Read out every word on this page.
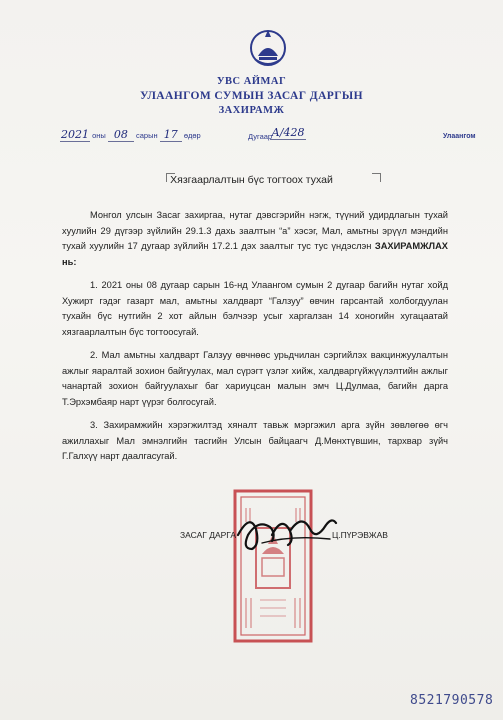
УВС АЙМАГ
УЛААНГОМ СУМЫН ЗАСАГ ДАРГЫН
ЗАХИРАМЖ
2021 оны 08 сарын 17 өдөр	Дугаар А/428	Улаангом
Хязгаарлалтын бүс тогтоох тухай
Монгол улсын Засаг захиргаа, нутаг дэвсгэрийн нэгж, түүний удирдлагын тухай хуулийн 29 дүгээр зүйлийн 29.1.3 дахь заалтын “а” хэсэг, Мал, амьтны эрүүл мэндийн тухай хуулийн 17 дугаар зүйлийн 17.2.1 дэх заалтыг тус тус үндэслэн ЗАХИРАМЖЛАХ нь:
1. 2021 оны 08 дугаар сарын 16-нд Улаангом сумын 2 дугаар багийн нутаг хойд Хужирт гэдэг газарт мал, амьтны халдварт “Галзуу” өвчин гарсантай холбогдуулан тухайн бүс нутгийн 2 хот айлын бэлчээр усыг харгалзан 14 хоногийн хугацаатай хязгаарлалтын бүс тогтоосугай.
2. Мал амьтны халдварт Галзуу өвчнөөс урьдчилан сэргийлэх вакцинжуулалтын ажлыг яаралтай зохион байгуулах, мал сүрэгт үзлэг хийж, халдваргүйжүүлэлтийн ажлыг чанартай зохион байгуулахыг баг хариуцсан малын эмч Ц.Дулмаа, багийн дарга Т.Эрхэмбаяр нарт үүрэг болгосугай.
3. Захирамжийн хэрэгжилтэд хяналт тавьж мэргэжил арга зүйн зөвлөгөө өгч ажиллахыг Мал эмнэлгийн тасгийн Улсын байцаагч Д.Мөнхтүвшин, тархвар зүйч Г.Галхүү нарт даалгасугай.
ЗАСАГ ДАРГА	Ц.ПҮРЭВЖАВ
8521790578
